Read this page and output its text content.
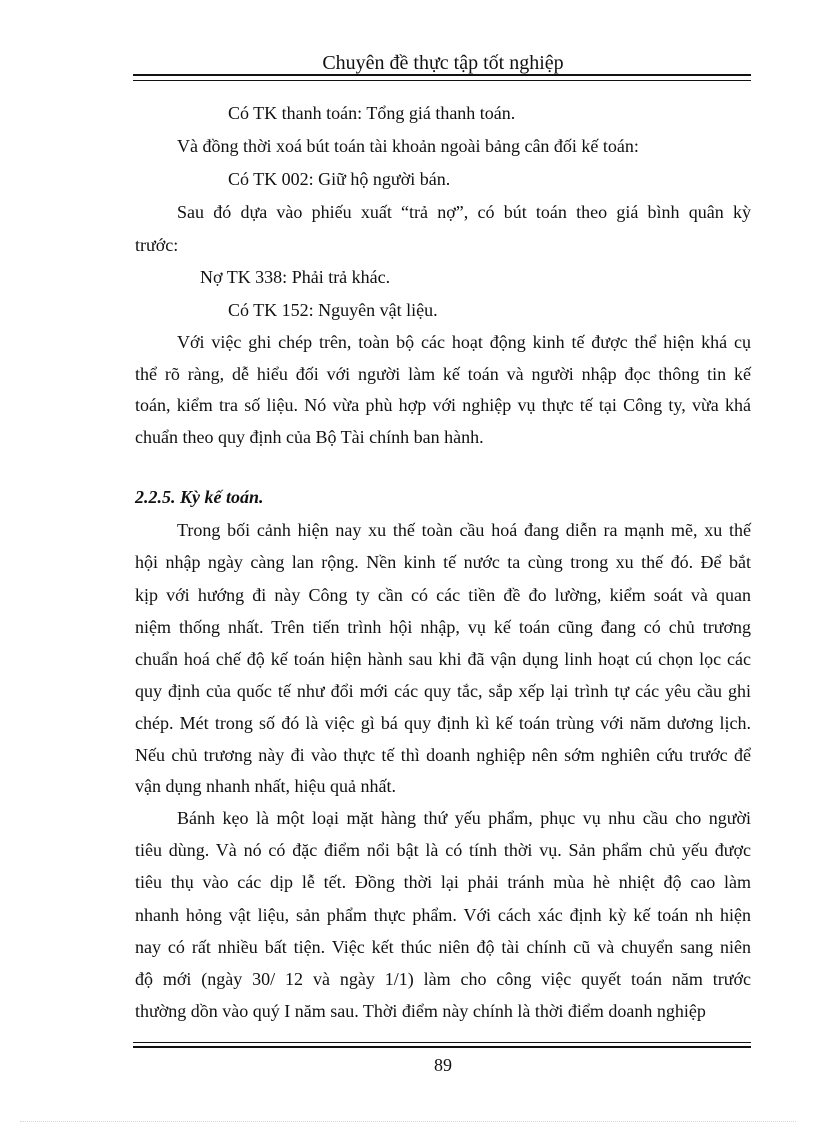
Chuyên đề thực tập tốt nghiệp
Có TK thanh toán: Tổng giá thanh toán.
Và đồng thời xoá bút toán tài khoản ngoài bảng cân đối kế toán:
Có TK 002: Giữ hộ người bán.
Sau đó dựa vào phiếu xuất “trả nợ”, có bút toán theo giá bình quân kỳ
trước:
Nợ TK 338: Phải trả khác.
Có TK 152: Nguyên vật liệu.
Với việc ghi chép trên, toàn bộ các hoạt động kinh tế được thể hiện khá cụ
thể rõ ràng, dễ hiểu đối với người làm kế toán và người nhập đọc thông tin kế
toán, kiểm tra số liệu. Nó vừa phù hợp với nghiệp vụ thực tế tại Công ty, vừa khá
chuẩn theo quy định của Bộ Tài chính ban hành.
2.2.5. Kỳ kế toán.
Trong bối cảnh hiện nay xu thế toàn cầu hoá đang diễn ra mạnh mẽ, xu thế
hội nhập ngày càng lan rộng. Nền kinh tế nước ta cùng trong xu thế đó. Để bắt
kịp với hướng đi này Công ty cần có các tiền đề đo lường, kiểm soát và quan
niệm thống nhất. Trên tiến trình hội nhập, vụ kế toán cũng đang có chủ trương
chuẩn hoá chế độ kế toán hiện hành sau khi đã vận dụng linh hoạt cú chọn lọc các
quy định của quốc tế như đổi mới các quy tắc, sắp xếp lại trình tự các yêu cầu ghi
chép. Mét trong số đó là việc gì bá quy định kì kế toán trùng với năm dương lịch.
Nếu chủ trương này đi vào thực tế thì doanh nghiệp nên sớm nghiên cứu trước để
vận dụng nhanh nhất, hiệu quả nhất.
Bánh kẹo là một loại mặt hàng thứ yếu phẩm, phục vụ nhu cầu cho người
tiêu dùng. Và nó có đặc điểm nổi bật là có tính thời vụ. Sản phẩm chủ yếu được
tiêu thụ vào các dịp lễ tết. Đồng thời lại phải tránh mùa hè nhiệt độ cao làm
nhanh hỏng vật liệu, sản phẩm thực phẩm. Với cách xác định kỳ kế toán nh hiện
nay có rất nhiều bất tiện. Việc kết thúc niên độ tài chính cũ và chuyển sang niên
độ mới (ngày 30/ 12 và ngày 1/1) làm cho công việc quyết toán năm trước
thường dồn vào quý I năm sau. Thời điểm này chính là thời điểm doanh nghiệp
89
